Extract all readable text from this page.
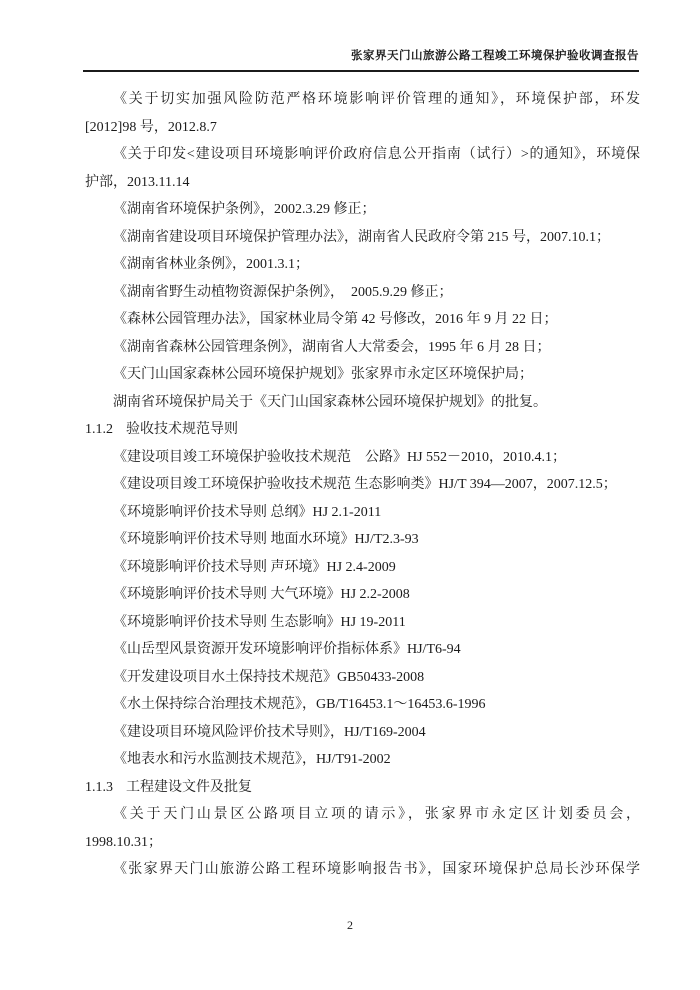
张家界天门山旅游公路工程竣工环境保护验收调查报告
《关于切实加强风险防范严格环境影响评价管理的通知》，环境保护部，环发
[2012]98 号，2012.8.7
《关于印发<建设项目环境影响评价政府信息公开指南（试行）>的通知》，环境保
护部，2013.11.14
《湖南省环境保护条例》，2002.3.29 修正；
《湖南省建设项目环境保护管理办法》，湖南省人民政府令第 215 号，2007.10.1；
《湖南省林业条例》，2001.3.1；
《湖南省野生动植物资源保护条例》，　2005.9.29 修正；
《森林公园管理办法》，国家林业局令第 42 号修改，2016 年 9 月 22 日；
《湖南省森林公园管理条例》，湖南省人大常委会，1995 年 6 月 28 日；
《天门山国家森林公园环境保护规划》张家界市永定区环境保护局；
湖南省环境保护局关于《天门山国家森林公园环境保护规划》的批复。
1.1.2 验收技术规范导则
《建设项目竣工环境保护验收技术规范　公路》HJ 552－2010，2010.4.1；
《建设项目竣工环境保护验收技术规范 生态影响类》HJ/T 394—2007，2007.12.5；
《环境影响评价技术导则 总纲》HJ 2.1-2011
《环境影响评价技术导则 地面水环境》HJ/T2.3-93
《环境影响评价技术导则 声环境》HJ 2.4-2009
《环境影响评价技术导则 大气环境》HJ 2.2-2008
《环境影响评价技术导则 生态影响》HJ 19-2011
《山岳型风景资源开发环境影响评价指标体系》HJ/T6-94
《开发建设项目水土保持技术规范》GB50433-2008
《水土保持综合治理技术规范》，GB/T16453.1～16453.6-1996
《建设项目环境风险评价技术导则》，HJ/T169-2004
《地表水和污水监测技术规范》，HJ/T91-2002
1.1.3 工程建设文件及批复
《关于天门山景区公路项目立项的请示》，张家界市永定区计划委员会，
1998.10.31；
《张家界天门山旅游公路工程环境影响报告书》，国家环境保护总局长沙环保学
2
